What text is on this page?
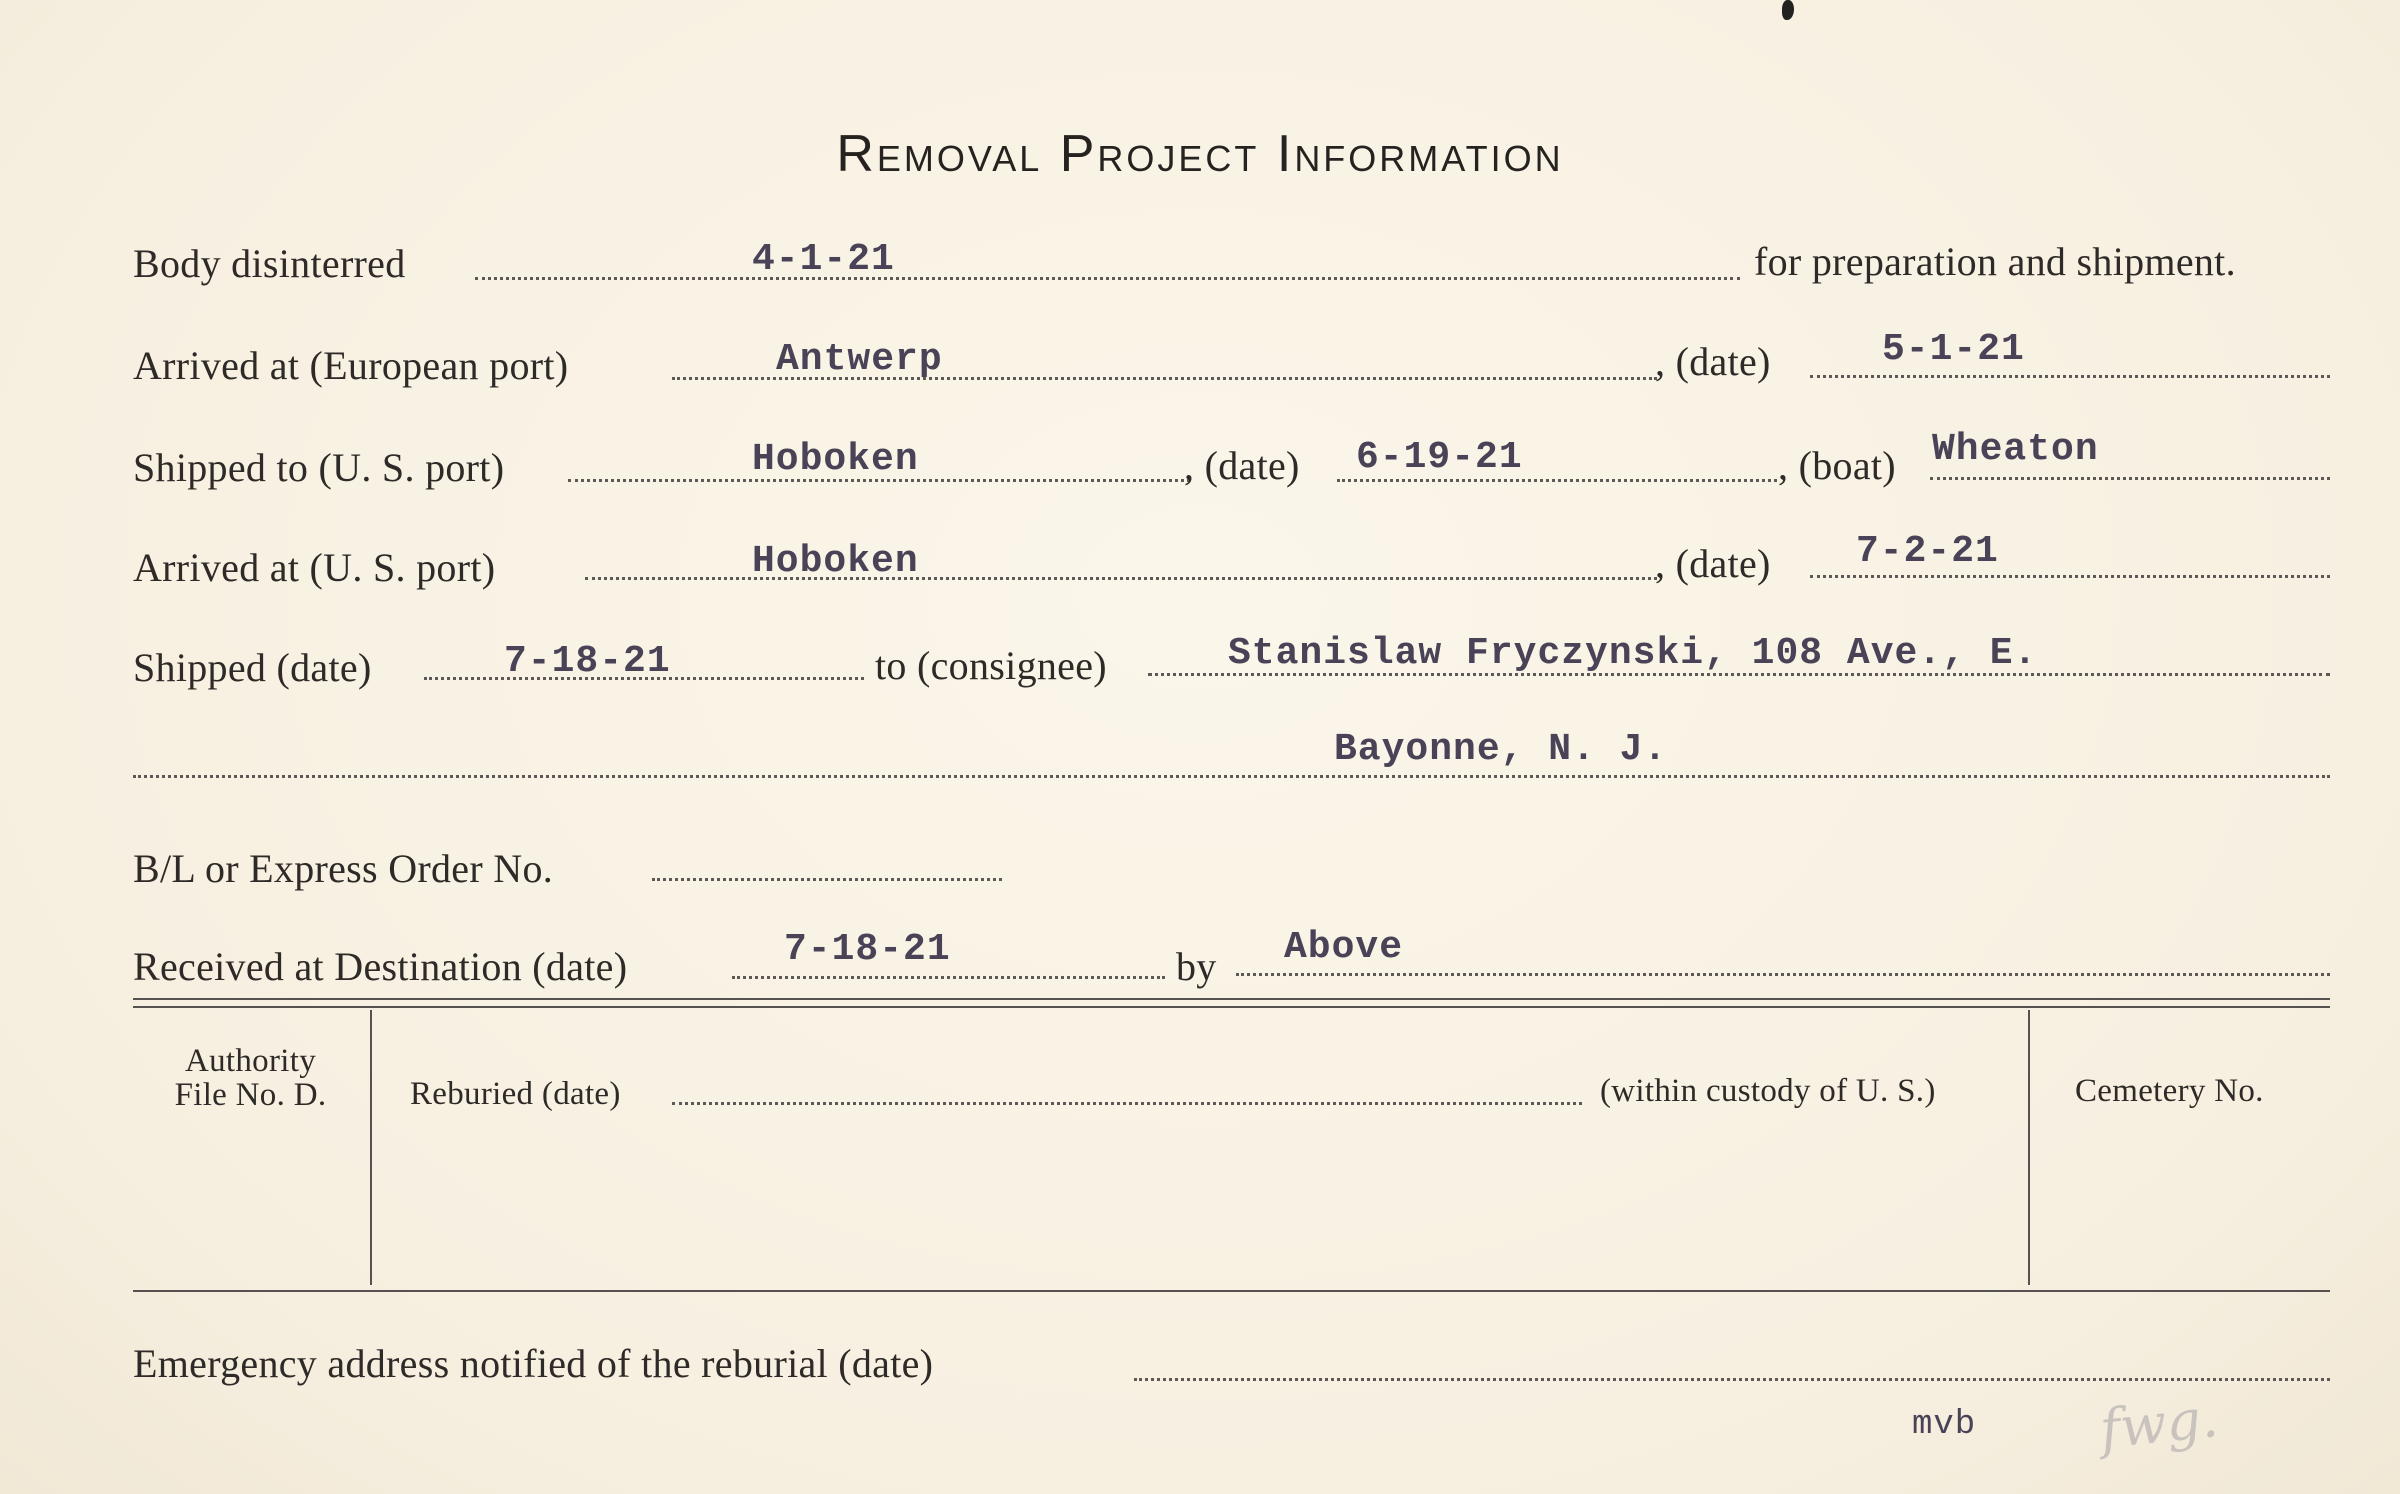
Removal Project Information
Body disinterred	4-1-21	for preparation and shipment.
Arrived at (European port)	Antwerp	, (date)	5-1-21
Shipped to (U. S. port)	Hoboken	, (date) 6-19-21	, (boat) Wheaton
Arrived at (U. S. port)	Hoboken	, (date) 7-2-21
Shipped (date)	7-18-21	to (consignee)	Stanislaw Fryczynski, 108 Ave., E.
Bayonne, N. J.
B/L or Express Order No.
Received at Destination (date)	7-18-21	by Above
Authority
File No. D.	Reburied (date)	(within custody of U. S.)	Cemetery No.
Emergency address notified of the reburial (date)
mvb fwg.
